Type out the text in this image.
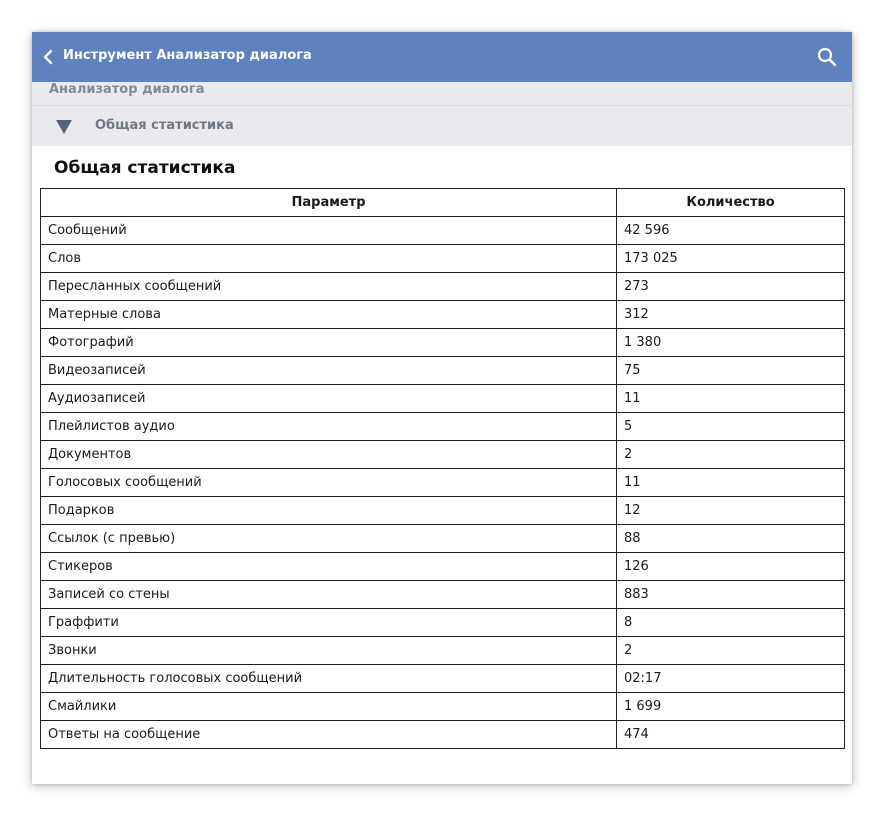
Инструмент Анализатор диалога
Анализатор диалога
Общая статистика
Общая статистика
Параметр	Количество
Сообщений	42 596
Слов	173 025
Пересланных сообщений	273
Матерные слова	312
Фотографий	1 380
Видеозаписей	75
Аудиозаписей	11
Плейлистов аудио	5
Документов	2
Голосовых сообщений	11
Подарков	12
Ссылок (с превью)	88
Стикеров	126
Записей со стены	883
Граффити	8
Звонки	2
Длительность голосовых сообщений	02:17
Смайлики	1 699
Ответы на сообщение	474
